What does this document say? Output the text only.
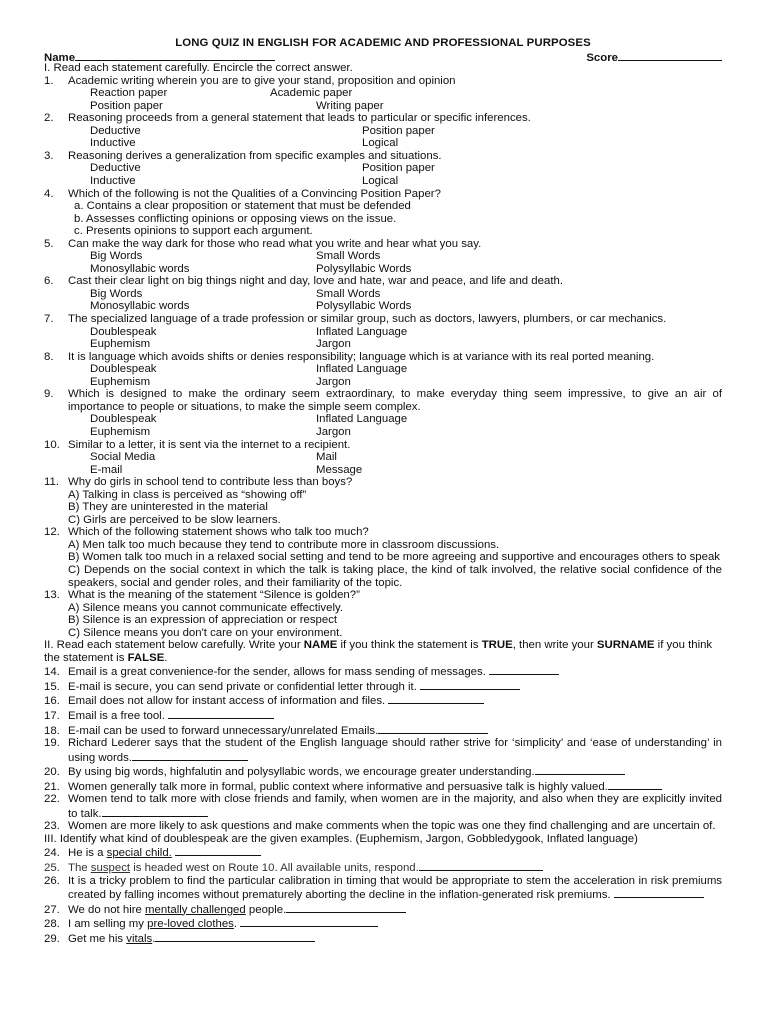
LONG QUIZ IN ENGLISH FOR ACADEMIC AND PROFESSIONAL PURPOSES
Name	Score
I. Read each statement carefully. Encircle the correct answer.
1. Academic writing wherein you are to give your stand, proposition and opinion
Reaction paper	Academic paper
Position paper	Writing paper
2. Reasoning proceeds from a general statement that leads to particular or specific inferences.
Deductive	Position paper
Inductive	Logical
3. Reasoning derives a generalization from specific examples and situations.
Deductive	Position paper
Inductive	Logical
4. Which of the following is not the Qualities of a Convincing Position Paper?
a. Contains a clear proposition or statement that must be defended
b. Assesses conflicting opinions or opposing views on the issue.
c. Presents opinions to support each argument.
5. Can make the way dark for those who read what you write and hear what you say.
Big Words	Small Words
Monosyllabic words	Polysyllabic Words
6. Cast their clear light on big things night and day, love and hate, war and peace, and life and death.
Big Words	Small Words
Monosyllabic words	Polysyllabic Words
7. The specialized language of a trade profession or similar group, such as doctors, lawyers, plumbers, or car mechanics.
Doublespeak	Inflated Language
Euphemism	Jargon
8. It is language which avoids shifts or denies responsibility; language which is at variance with its real ported meaning.
Doublespeak	Inflated Language
Euphemism	Jargon
9. Which is designed to make the ordinary seem extraordinary, to make everyday thing seem impressive, to give an air of importance to people or situations, to make the simple seem complex.
Doublespeak	Inflated Language
Euphemism	Jargon
10. Similar to a letter, it is sent via the internet to a recipient.
Social Media	Mail
E-mail	Message
11. Why do girls in school tend to contribute less than boys?
A) Talking in class is perceived as “showing off”
B) They are uninterested in the material
C) Girls are perceived to be slow learners.
12. Which of the following statement shows who talk too much?
A) Men talk too much because they tend to contribute more in classroom discussions.
B) Women talk too much in a relaxed social setting and tend to be more agreeing and supportive and encourages others to speak
C) Depends on the social context in which the talk is taking place, the kind of talk involved, the relative social confidence of the speakers, social and gender roles, and their familiarity of the topic.
13. What is the meaning of the statement “Silence is golden?”
A) Silence means you cannot communicate effectively.
B) Silence is an expression of appreciation or respect
C) Silence means you don't care on your environment.
II. Read each statement below carefully. Write your NAME if you think the statement is TRUE, then write your SURNAME if you think the statement is FALSE.
14. Email is a great convenience-for the sender, allows for mass sending of messages.
15. E-mail is secure, you can send private or confidential letter through it.
16. Email does not allow for instant access of information and files.
17. Email is a free tool.
18. E-mail can be used to forward unnecessary/unrelated Emails.
19. Richard Lederer says that the student of the English language should rather strive for ‘simplicity’ and ‘ease of understanding’ in using words.
20. By using big words, highfalutin and polysyllabic words, we encourage greater understanding.
21. Women generally talk more in formal, public context where informative and persuasive talk is highly valued.
22. Women tend to talk more with close friends and family, when women are in the majority, and also when they are explicitly invited to talk.
23. Women are more likely to ask questions and make comments when the topic was one they find challenging and are uncertain of.
III. Identify what kind of doublespeak are the given examples. (Euphemism, Jargon, Gobbledygook, Inflated language)
24. He is a special child.
25. The suspect is headed west on Route 10. All available units, respond.
26. It is a tricky problem to find the particular calibration in timing that would be appropriate to stem the acceleration in risk premiums created by falling incomes without prematurely aborting the decline in the inflation-generated risk premiums.
27. We do not hire mentally challenged people.
28. I am selling my pre-loved clothes.
29. Get me his vitals.
